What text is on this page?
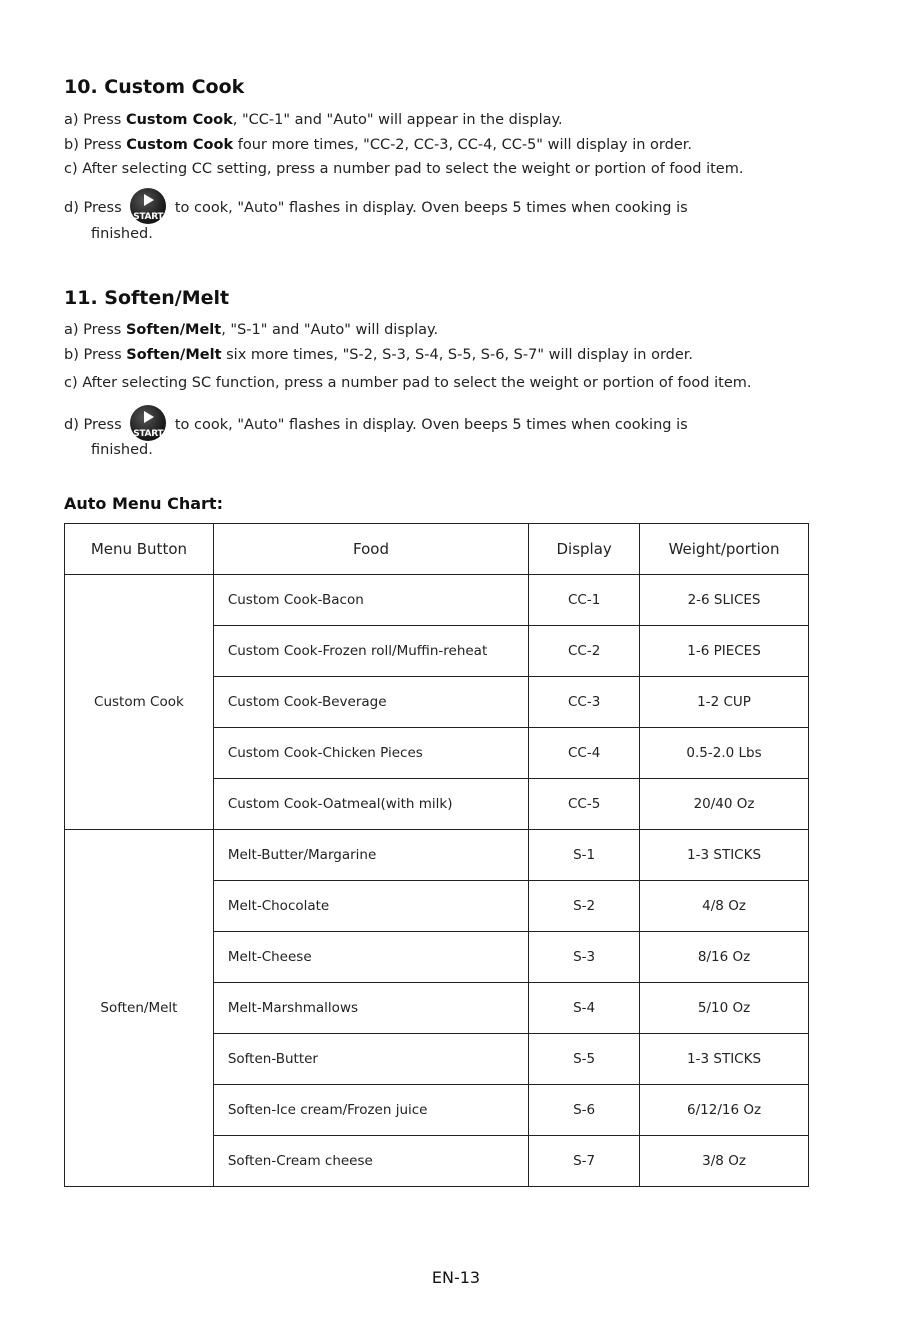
10. Custom Cook
a) Press Custom Cook, "CC-1" and "Auto" will appear in the display.
b) Press Custom Cook four more times, "CC-2, CC-3, CC-4, CC-5" will display in order.
c) After selecting CC setting, press a number pad to select the weight or portion of food item.
d) Press
START
to cook, "Auto" flashes in display. Oven beeps 5 times when cooking is
finished.
11. Soften/Melt
a) Press Soften/Melt, "S-1" and "Auto" will display.
b) Press Soften/Melt six more times, "S-2, S-3, S-4, S-5, S-6, S-7" will display in order.
c) After selecting SC function, press a number pad to select the weight or portion of food item.
d) Press
START
to cook, "Auto" flashes in display. Oven beeps 5 times when cooking is
finished.
Auto Menu Chart:
Menu Button	Food	Display	Weight/portion
Custom Cook	Custom Cook-Bacon	CC-1	2-6 SLICES
	Custom Cook-Frozen roll/Muffin-reheat	CC-2	1-6 PIECES
	Custom Cook-Beverage	CC-3	1-2 CUP
	Custom Cook-Chicken Pieces	CC-4	0.5-2.0 Lbs
	Custom Cook-Oatmeal(with milk)	CC-5	20/40 Oz
Soften/Melt	Melt-Butter/Margarine	S-1	1-3 STICKS
	Melt-Chocolate	S-2	4/8 Oz
	Melt-Cheese	S-3	8/16 Oz
	Melt-Marshmallows	S-4	5/10 Oz
	Soften-Butter	S-5	1-3 STICKS
	Soften-Ice cream/Frozen juice	S-6	6/12/16 Oz
	Soften-Cream cheese	S-7	3/8 Oz
EN-13
